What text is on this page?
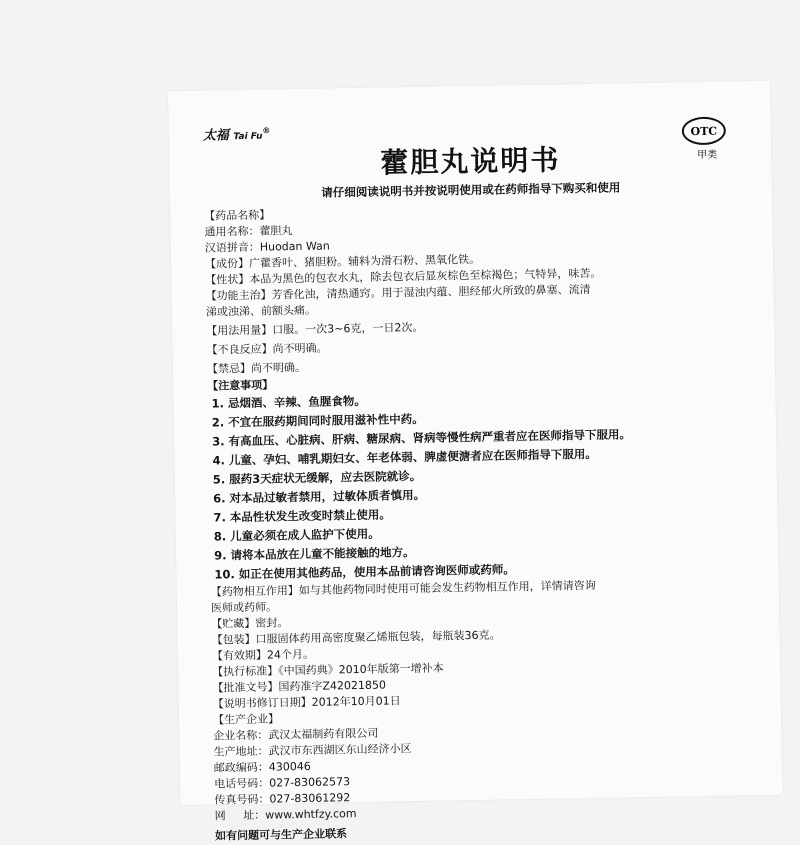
太福 Tai Fu®	OTC
甲类
藿胆丸说明书
请仔细阅读说明书并按说明使用或在药师指导下购买和使用
【药品名称】
通用名称：藿胆丸
汉语拼音：Huodan Wan
【成份】广藿香叶、猪胆粉。辅料为滑石粉、黑氧化铁。
【性状】本品为黑色的包衣水丸，除去包衣后显灰棕色至棕褐色；气特异，味苦。
【功能主治】芳香化浊，清热通窍。用于湿浊内蕴、胆经郁火所致的鼻塞、流清
涕或浊涕、前额头痛。
【用法用量】口服。一次3~6克，一日2次。
【不良反应】尚不明确。
【禁忌】尚不明确。
【注意事项】
1. 忌烟酒、辛辣、鱼腥食物。
2. 不宜在服药期间同时服用滋补性中药。
3. 有高血压、心脏病、肝病、糖尿病、肾病等慢性病严重者应在医师指导下服用。
4. 儿童、孕妇、哺乳期妇女、年老体弱、脾虚便溏者应在医师指导下服用。
5. 服药3天症状无缓解，应去医院就诊。
6. 对本品过敏者禁用，过敏体质者慎用。
7. 本品性状发生改变时禁止使用。
8. 儿童必须在成人监护下使用。
9. 请将本品放在儿童不能接触的地方。
10. 如正在使用其他药品，使用本品前请咨询医师或药师。
【药物相互作用】如与其他药物同时使用可能会发生药物相互作用，详情请咨询
医师或药师。
【贮藏】密封。
【包装】口服固体药用高密度聚乙烯瓶包装，每瓶装36克。
【有效期】24个月。
【执行标准】《中国药典》2010年版第一增补本
【批准文号】国药准字Z42021850
【说明书修订日期】2012年10月01日
【生产企业】
企业名称：武汉太福制药有限公司
生产地址：武汉市东西湖区东山经济小区
邮政编码：430046
电话号码：027-83062573
传真号码：027-83061292
网     址：www.whtfzy.com
如有问题可与生产企业联系
